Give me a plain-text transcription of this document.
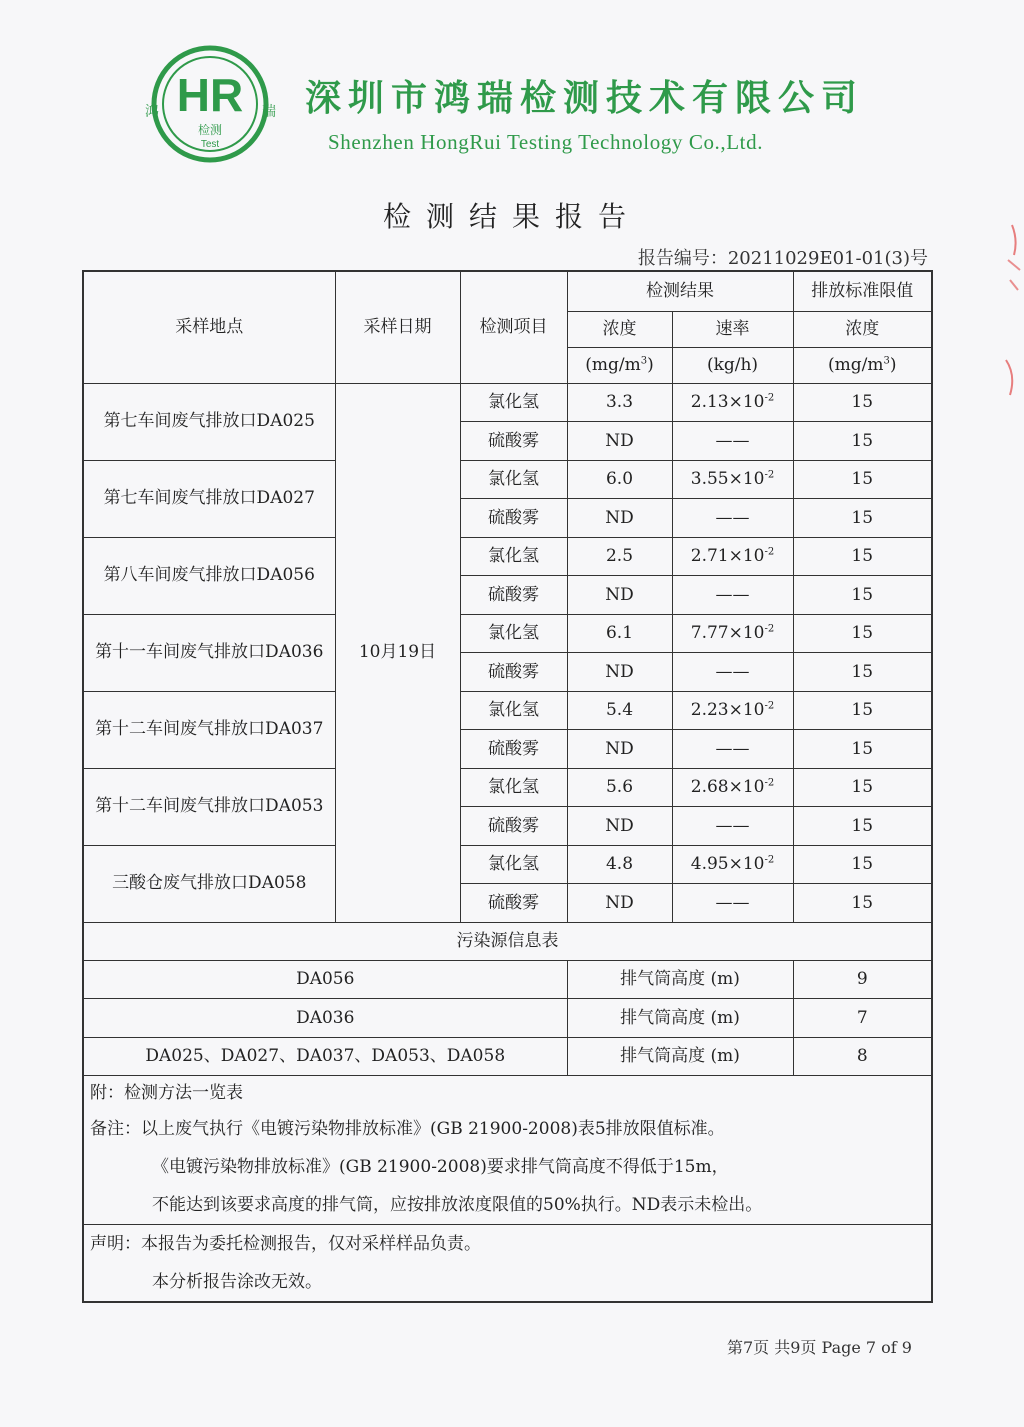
HR
鸿	瑞
检测
Test
深圳市鸿瑞检测技术有限公司
Shenzhen HongRui Testing Technology Co.,Ltd.
检测结果报告
报告编号：20211029E01-01(3)号
采样地点	采样日期	检测项目	检测结果		排放标准限值
			浓度	速率	浓度
			$(mg/m^3)$	(kg/h)	$(mg/m^3)$
第七车间废气排放口DA025	10月19日	氯化氢	3.3	$2.13\times 10^{-2}$	15
		硫酸雾	ND	——	15
第七车间废气排放口DA027		氯化氢	6.0	$3.55\times 10^{-2}$	15
		硫酸雾	ND	——	15
第八车间废气排放口DA056		氯化氢	2.5	$2.71\times 10^{-2}$	15
		硫酸雾	ND	——	15
第十一车间废气排放口DA036		氯化氢	6.1	$7.77\times 10^{-2}$	15
		硫酸雾	ND	——	15
第十二车间废气排放口DA037		氯化氢	5.4	$2.23\times 10^{-2}$	15
		硫酸雾	ND	——	15
第十二车间废气排放口DA053		氯化氢	5.6	$2.68\times 10^{-2}$	15
		硫酸雾	ND	——	15
三酸仓废气排放口DA058		氯化氢	4.8	$4.95\times 10^{-2}$	15
		硫酸雾	ND	——	15
污染源信息表					
DA056			排气筒高度 (m)		9
DA036			排气筒高度 (m)		7
DA025、DA027、DA037、DA053、DA058			排气筒高度 (m)		8

附：检测方法一览表
备注：以上废气执行《电镀污染物排放标准》(GB 21900-2008)表5排放限值标准。
《电镀污染物排放标准》(GB 21900-2008)要求排气筒高度不得低于15m，
不能达到该要求高度的排气筒，应按排放浓度限值的50%执行。ND表示未检出。					

声明：本报告为委托检测报告，仅对采样样品负责。
本分析报告涂改无效。					
第7页 共9页 Page 7 of 9
